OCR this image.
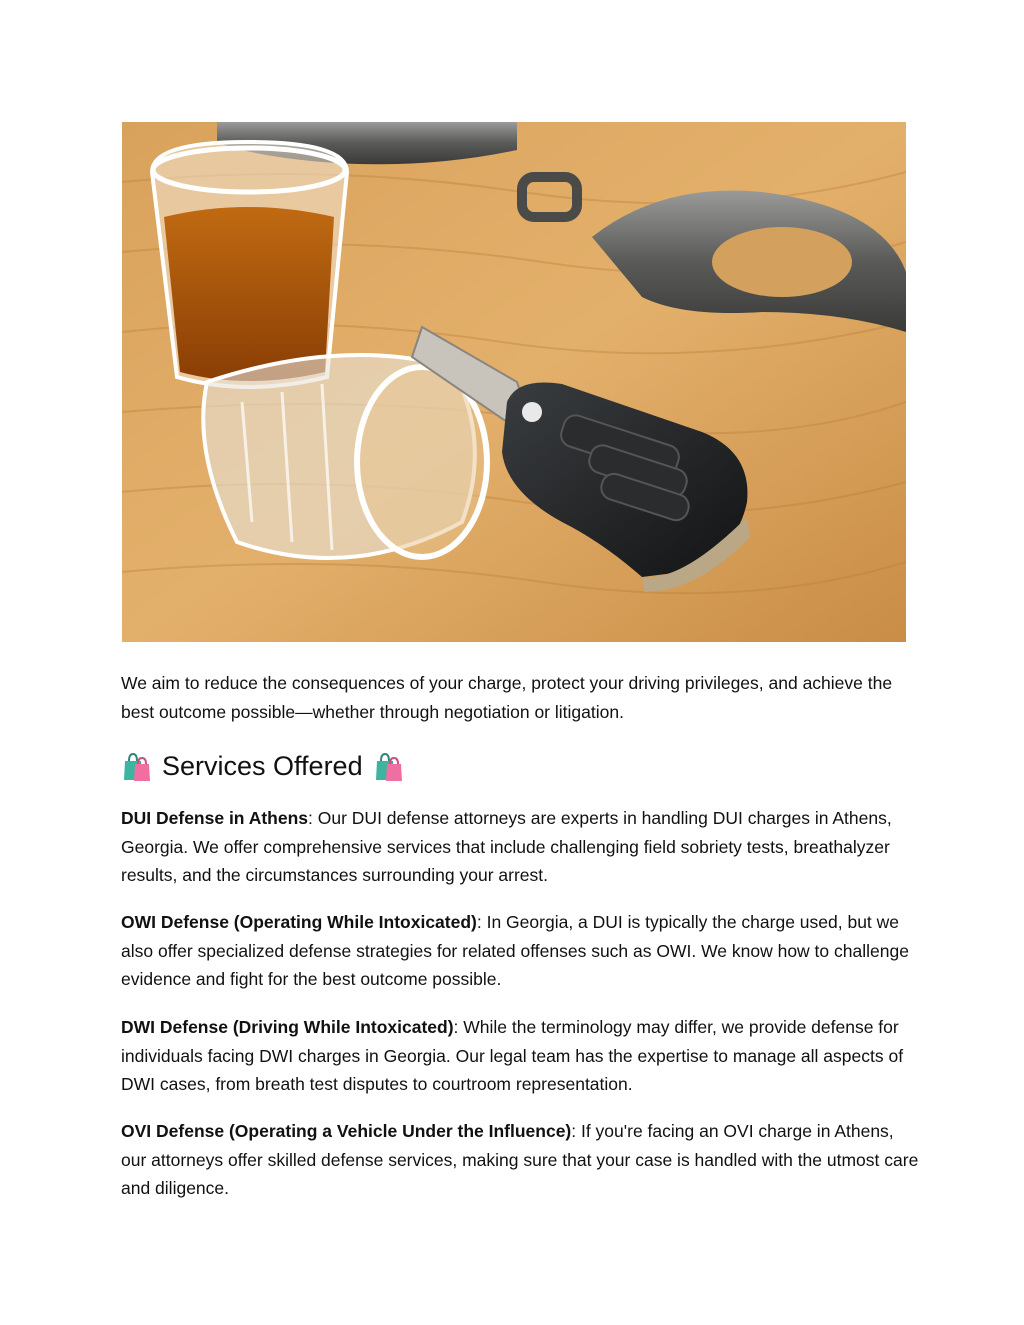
We aim to reduce the consequences of your charge, protect your driving privileges, and achieve the best outcome possible—whether through negotiation or litigation.

Services Offered

DUI Defense in Athens: Our DUI defense attorneys are experts in handling DUI charges in Athens, Georgia. We offer comprehensive services that include challenging field sobriety tests, breathalyzer results, and the circumstances surrounding your arrest.

OWI Defense (Operating While Intoxicated): In Georgia, a DUI is typically the charge used, but we also offer specialized defense strategies for related offenses such as OWI. We know how to challenge evidence and fight for the best outcome possible.

DWI Defense (Driving While Intoxicated): While the terminology may differ, we provide defense for individuals facing DWI charges in Georgia. Our legal team has the expertise to manage all aspects of DWI cases, from breath test disputes to courtroom representation.

OVI Defense (Operating a Vehicle Under the Influence): If you're facing an OVI charge in Athens, our attorneys offer skilled defense services, making sure that your case is handled with the utmost care and diligence.
